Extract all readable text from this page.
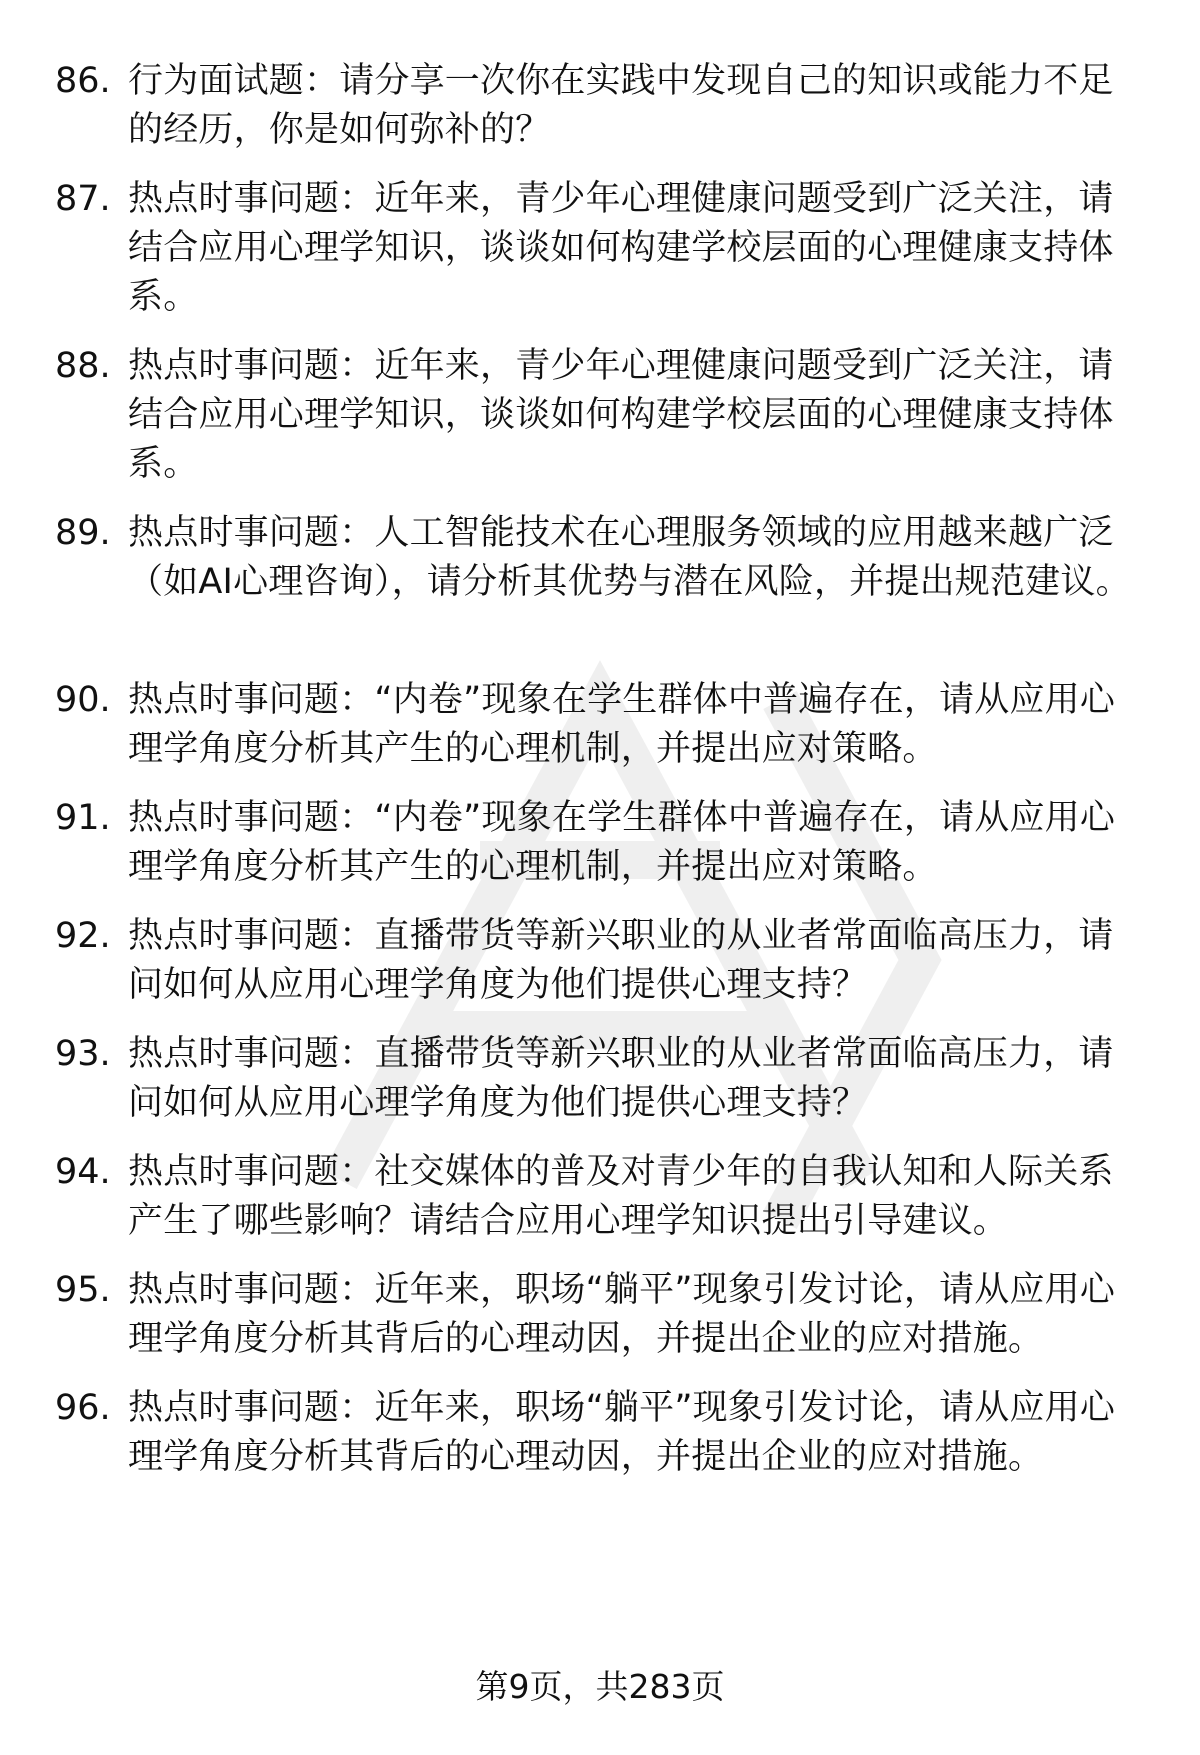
86. 行为面试题：请分享一次你在实践中发现自己的知识或能力不足的经历，你是如何弥补的？
87. 热点时事问题：近年来，青少年心理健康问题受到广泛关注，请结合应用心理学知识，谈谈如何构建学校层面的心理健康支持体系。
88. 热点时事问题：近年来，青少年心理健康问题受到广泛关注，请结合应用心理学知识，谈谈如何构建学校层面的心理健康支持体系。
89. 热点时事问题：人工智能技术在心理服务领域的应用越来越广泛（如AI心理咨询），请分析其优势与潜在风险，并提出规范建议。
90. 热点时事问题：“内卷”现象在学生群体中普遍存在，请从应用心理学角度分析其产生的心理机制，并提出应对策略。
91. 热点时事问题：“内卷”现象在学生群体中普遍存在，请从应用心理学角度分析其产生的心理机制，并提出应对策略。
92. 热点时事问题：直播带货等新兴职业的从业者常面临高压力，请问如何从应用心理学角度为他们提供心理支持？
93. 热点时事问题：直播带货等新兴职业的从业者常面临高压力，请问如何从应用心理学角度为他们提供心理支持？
94. 热点时事问题：社交媒体的普及对青少年的自我认知和人际关系产生了哪些影响？请结合应用心理学知识提出引导建议。
95. 热点时事问题：近年来，职场“躺平”现象引发讨论，请从应用心理学角度分析其背后的心理动因，并提出企业的应对措施。
96. 热点时事问题：近年来，职场“躺平”现象引发讨论，请从应用心理学角度分析其背后的心理动因，并提出企业的应对措施。
第9页，共283页
